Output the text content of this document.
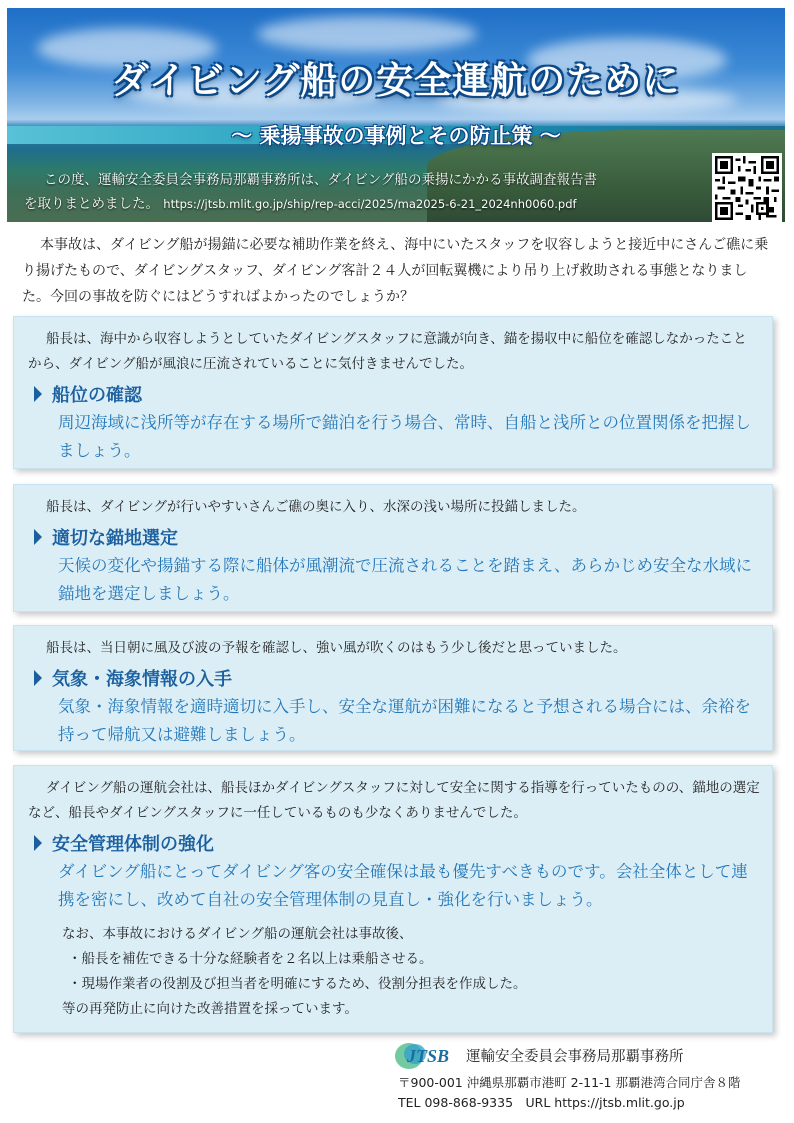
ダイビング船の安全運航のために
～ 乗揚事故の事例とその防止策 ～
この度、運輸安全委員会事務局那覇事務所は、ダイビング船の乗揚にかかる事故調査報告書
を取りまとめました。 https://jtsb.mlit.go.jp/ship/rep-acci/2025/ma2025-6-21_2024nh0060.pdf
本事故は、ダイビング船が揚錨に必要な補助作業を終え、海中にいたスタッフを収容しようと接近中にさんご礁に乗り揚げたもので、ダイビングスタッフ、ダイビング客計２４人が回転翼機により吊り上げ救助される事態となりました。今回の事故を防ぐにはどうすればよかったのでしょうか？
船長は、海中から収容しようとしていたダイビングスタッフに意識が向き、錨を揚収中に船位を確認しなかったことから、ダイビング船が風浪に圧流されていることに気付きませんでした。
船位の確認
周辺海域に浅所等が存在する場所で錨泊を行う場合、常時、自船と浅所との位置関係を把握しましょう。
船長は、ダイビングが行いやすいさんご礁の奥に入り、水深の浅い場所に投錨しました。
適切な錨地選定
天候の変化や揚錨する際に船体が風潮流で圧流されることを踏まえ、あらかじめ安全な水域に錨地を選定しましょう。
船長は、当日朝に風及び波の予報を確認し、強い風が吹くのはもう少し後だと思っていました。
気象・海象情報の入手
気象・海象情報を適時適切に入手し、安全な運航が困難になると予想される場合には、余裕を持って帰航又は避難しましょう。
ダイビング船の運航会社は、船長ほかダイビングスタッフに対して安全に関する指導を行っていたものの、錨地の選定など、船長やダイビングスタッフに一任しているものも少なくありませんでした。
安全管理体制の強化
ダイビング船にとってダイビング客の安全確保は最も優先すべきものです。会社全体として連携を密にし、改めて自社の安全管理体制の見直し・強化を行いましょう。
なお、本事故におけるダイビング船の運航会社は事故後、
・船長を補佐できる十分な経験者を２名以上は乗船させる。
・現場作業者の役割及び担当者を明確にするため、役割分担表を作成した。
等の再発防止に向けた改善措置を採っています。
JTSB 運輸安全委員会事務局那覇事務所
〒900-001 沖縄県那覇市港町 2-11-1 那覇港湾合同庁舎８階
TEL 098-868-9335　URL https://jtsb.mlit.go.jp
